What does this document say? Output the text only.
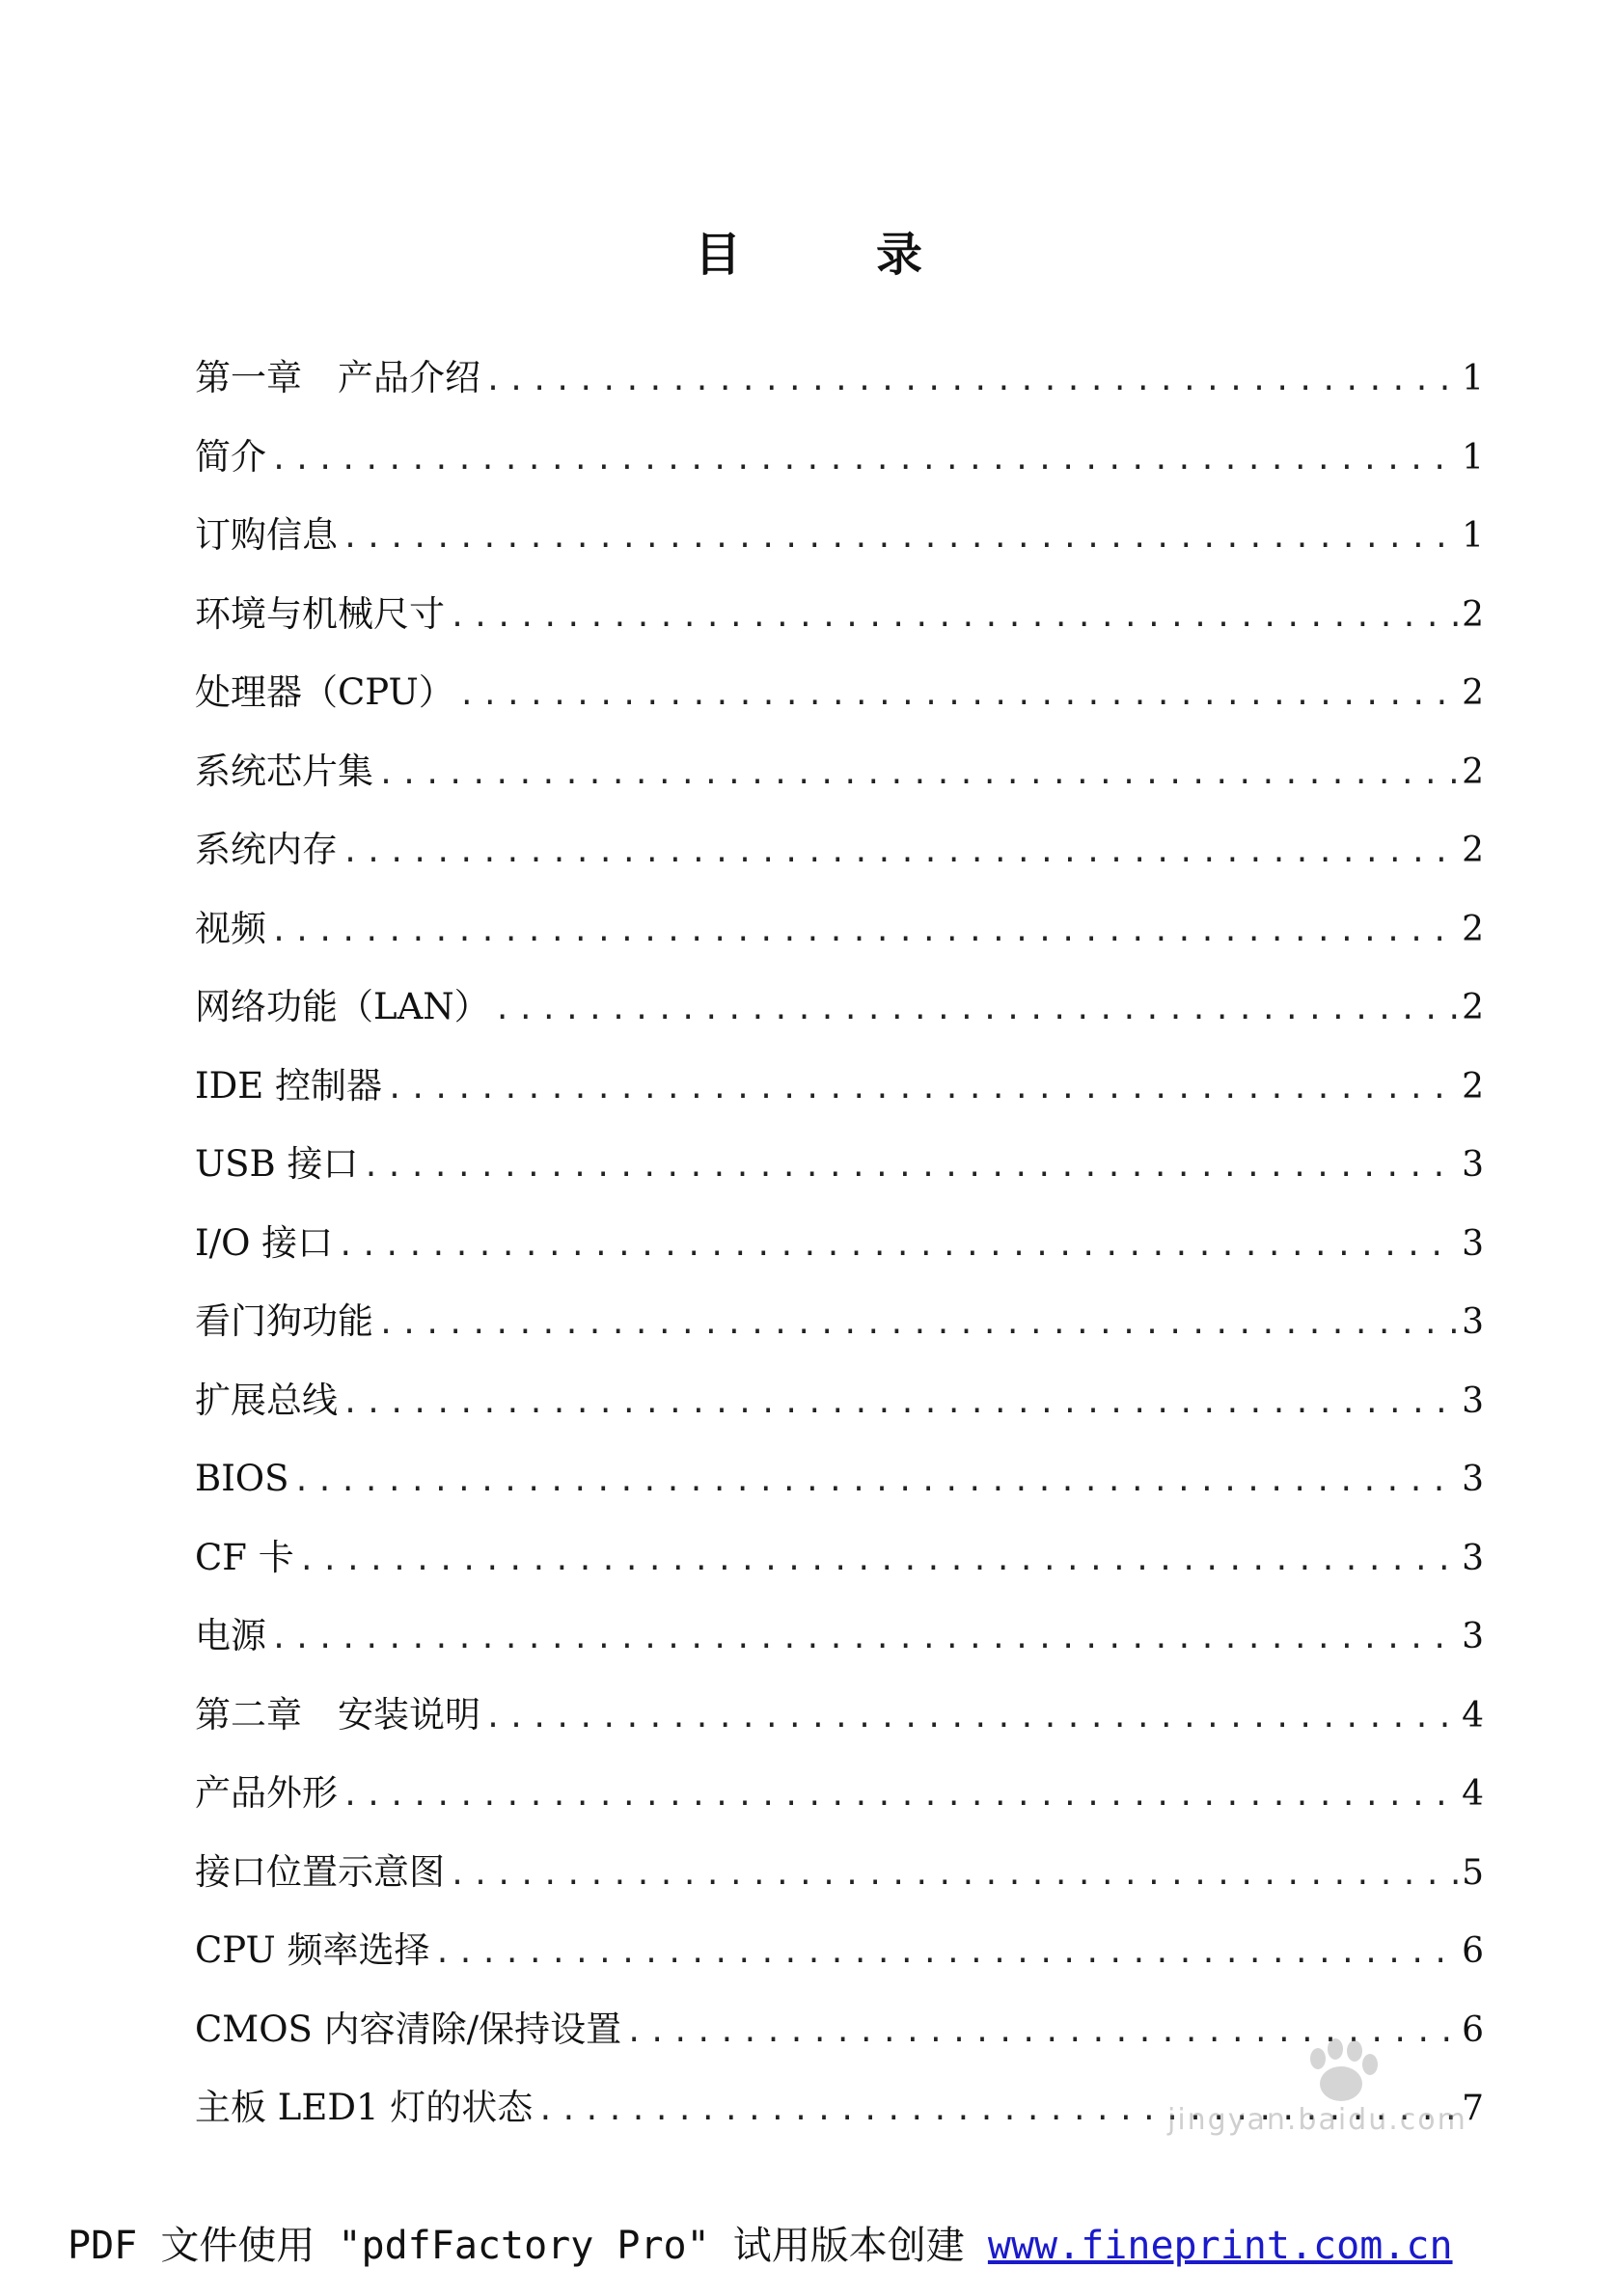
目　录
第一章　产品介绍 .....	1
简介 .....	1
订购信息 .....	1
环境与机械尺寸 .....	2
处理器（CPU） .....	2
系统芯片集 .....	2
系统内存 .....	2
视频 .....	2
网络功能（LAN） .....	2
IDE 控制器 .....	2
USB 接口 .....	3
I/O 接口 .....	3
看门狗功能 .....	3
扩展总线 .....	3
BIOS .....	3
CF 卡 .....	3
电源 .....	3
第二章　安装说明 .....	4
产品外形 .....	4
接口位置示意图 .....	5
CPU 频率选择 .....	6
CMOS 内容清除/保持设置 .....	6
主板 LED1 灯的状态 .....	7
jingyan.baidu.com
PDF 文件使用 "pdfFactory Pro" 试用版本创建 www.fineprint.com.cn
